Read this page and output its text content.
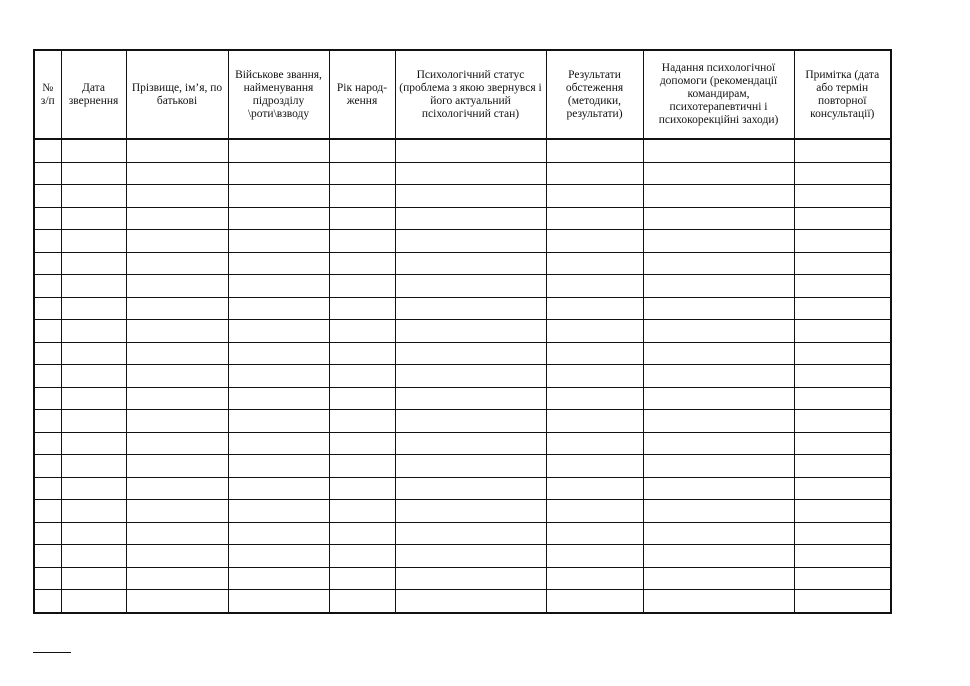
№ з/п	Дата звернення	Прізвище, ім’я, по батькові	Військове звання, найменування підрозділу \роти\взводу	Рік народ-ження	Психологічний статус (проблема з якою звернувся і його актуальний псіхологічний стан)	Результати обстеження (методики, результати)	Надання психологічної допомоги (рекомендації командирам, психотерапевтичні і психокорекційні заходи)	Примітка (дата або термін повторної консультації)
